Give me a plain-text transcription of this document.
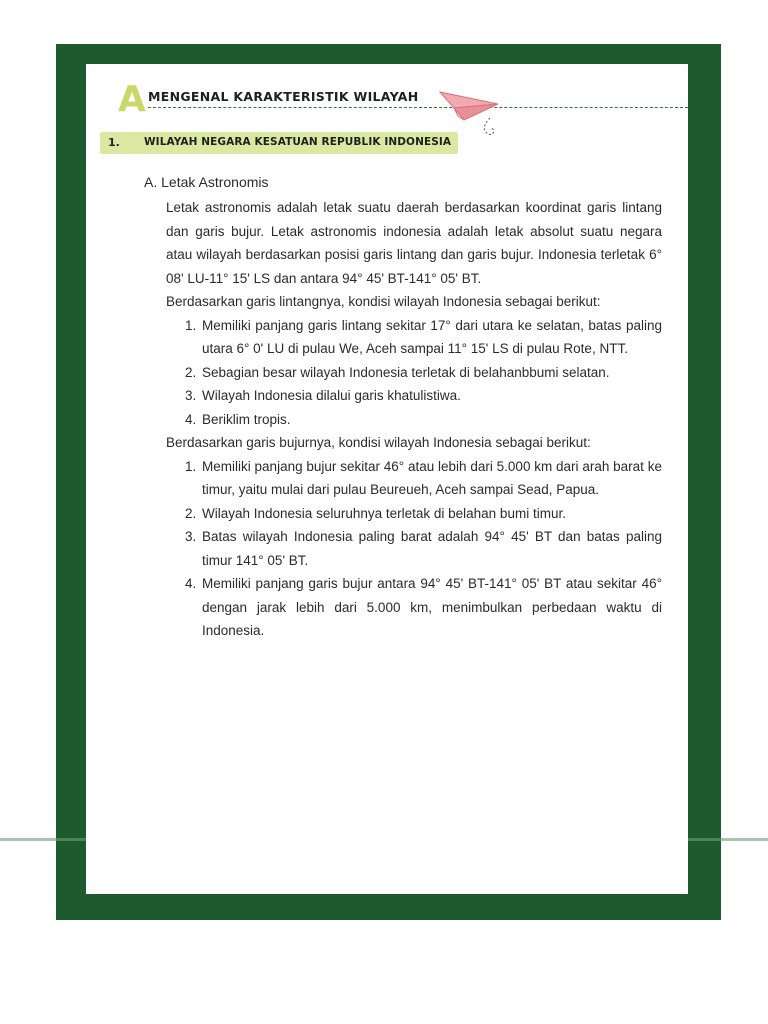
A MENGENAL KARAKTERISTIK WILAYAH
1. WILAYAH NEGARA KESATUAN REPUBLIK INDONESIA
A. Letak Astronomis

Letak astronomis adalah letak suatu daerah berdasarkan koordinat garis lintang dan garis bujur. Letak astronomis indonesia adalah letak absolut suatu negara atau wilayah berdasarkan posisi garis lintang dan garis bujur. Indonesia terletak 6° 08' LU-11° 15' LS dan antara 94° 45' BT-141° 05' BT.

Berdasarkan garis lintangnya, kondisi wilayah Indonesia sebagai berikut:

1. Memiliki panjang garis lintang sekitar 17° dari utara ke selatan, batas paling utara 6° 0' LU di pulau We, Aceh sampai 11° 15' LS di pulau Rote, NTT.
2. Sebagian besar wilayah Indonesia terletak di belahanbbumi selatan.
3. Wilayah Indonesia dilalui garis khatulistiwa.
4. Beriklim tropis.

Berdasarkan garis bujurnya, kondisi wilayah Indonesia sebagai berikut:

1. Memiliki panjang bujur sekitar 46° atau lebih dari 5.000 km dari arah barat ke timur, yaitu mulai dari pulau Beureueh, Aceh sampai Sead, Papua.
2. Wilayah Indonesia seluruhnya terletak di belahan bumi timur.
3. Batas wilayah Indonesia paling barat adalah 94° 45' BT dan batas paling timur 141° 05' BT.
4. Memiliki panjang garis bujur antara 94° 45' BT-141° 05' BT atau sekitar 46° dengan jarak lebih dari 5.000 km, menimbulkan perbedaan waktu di Indonesia.
